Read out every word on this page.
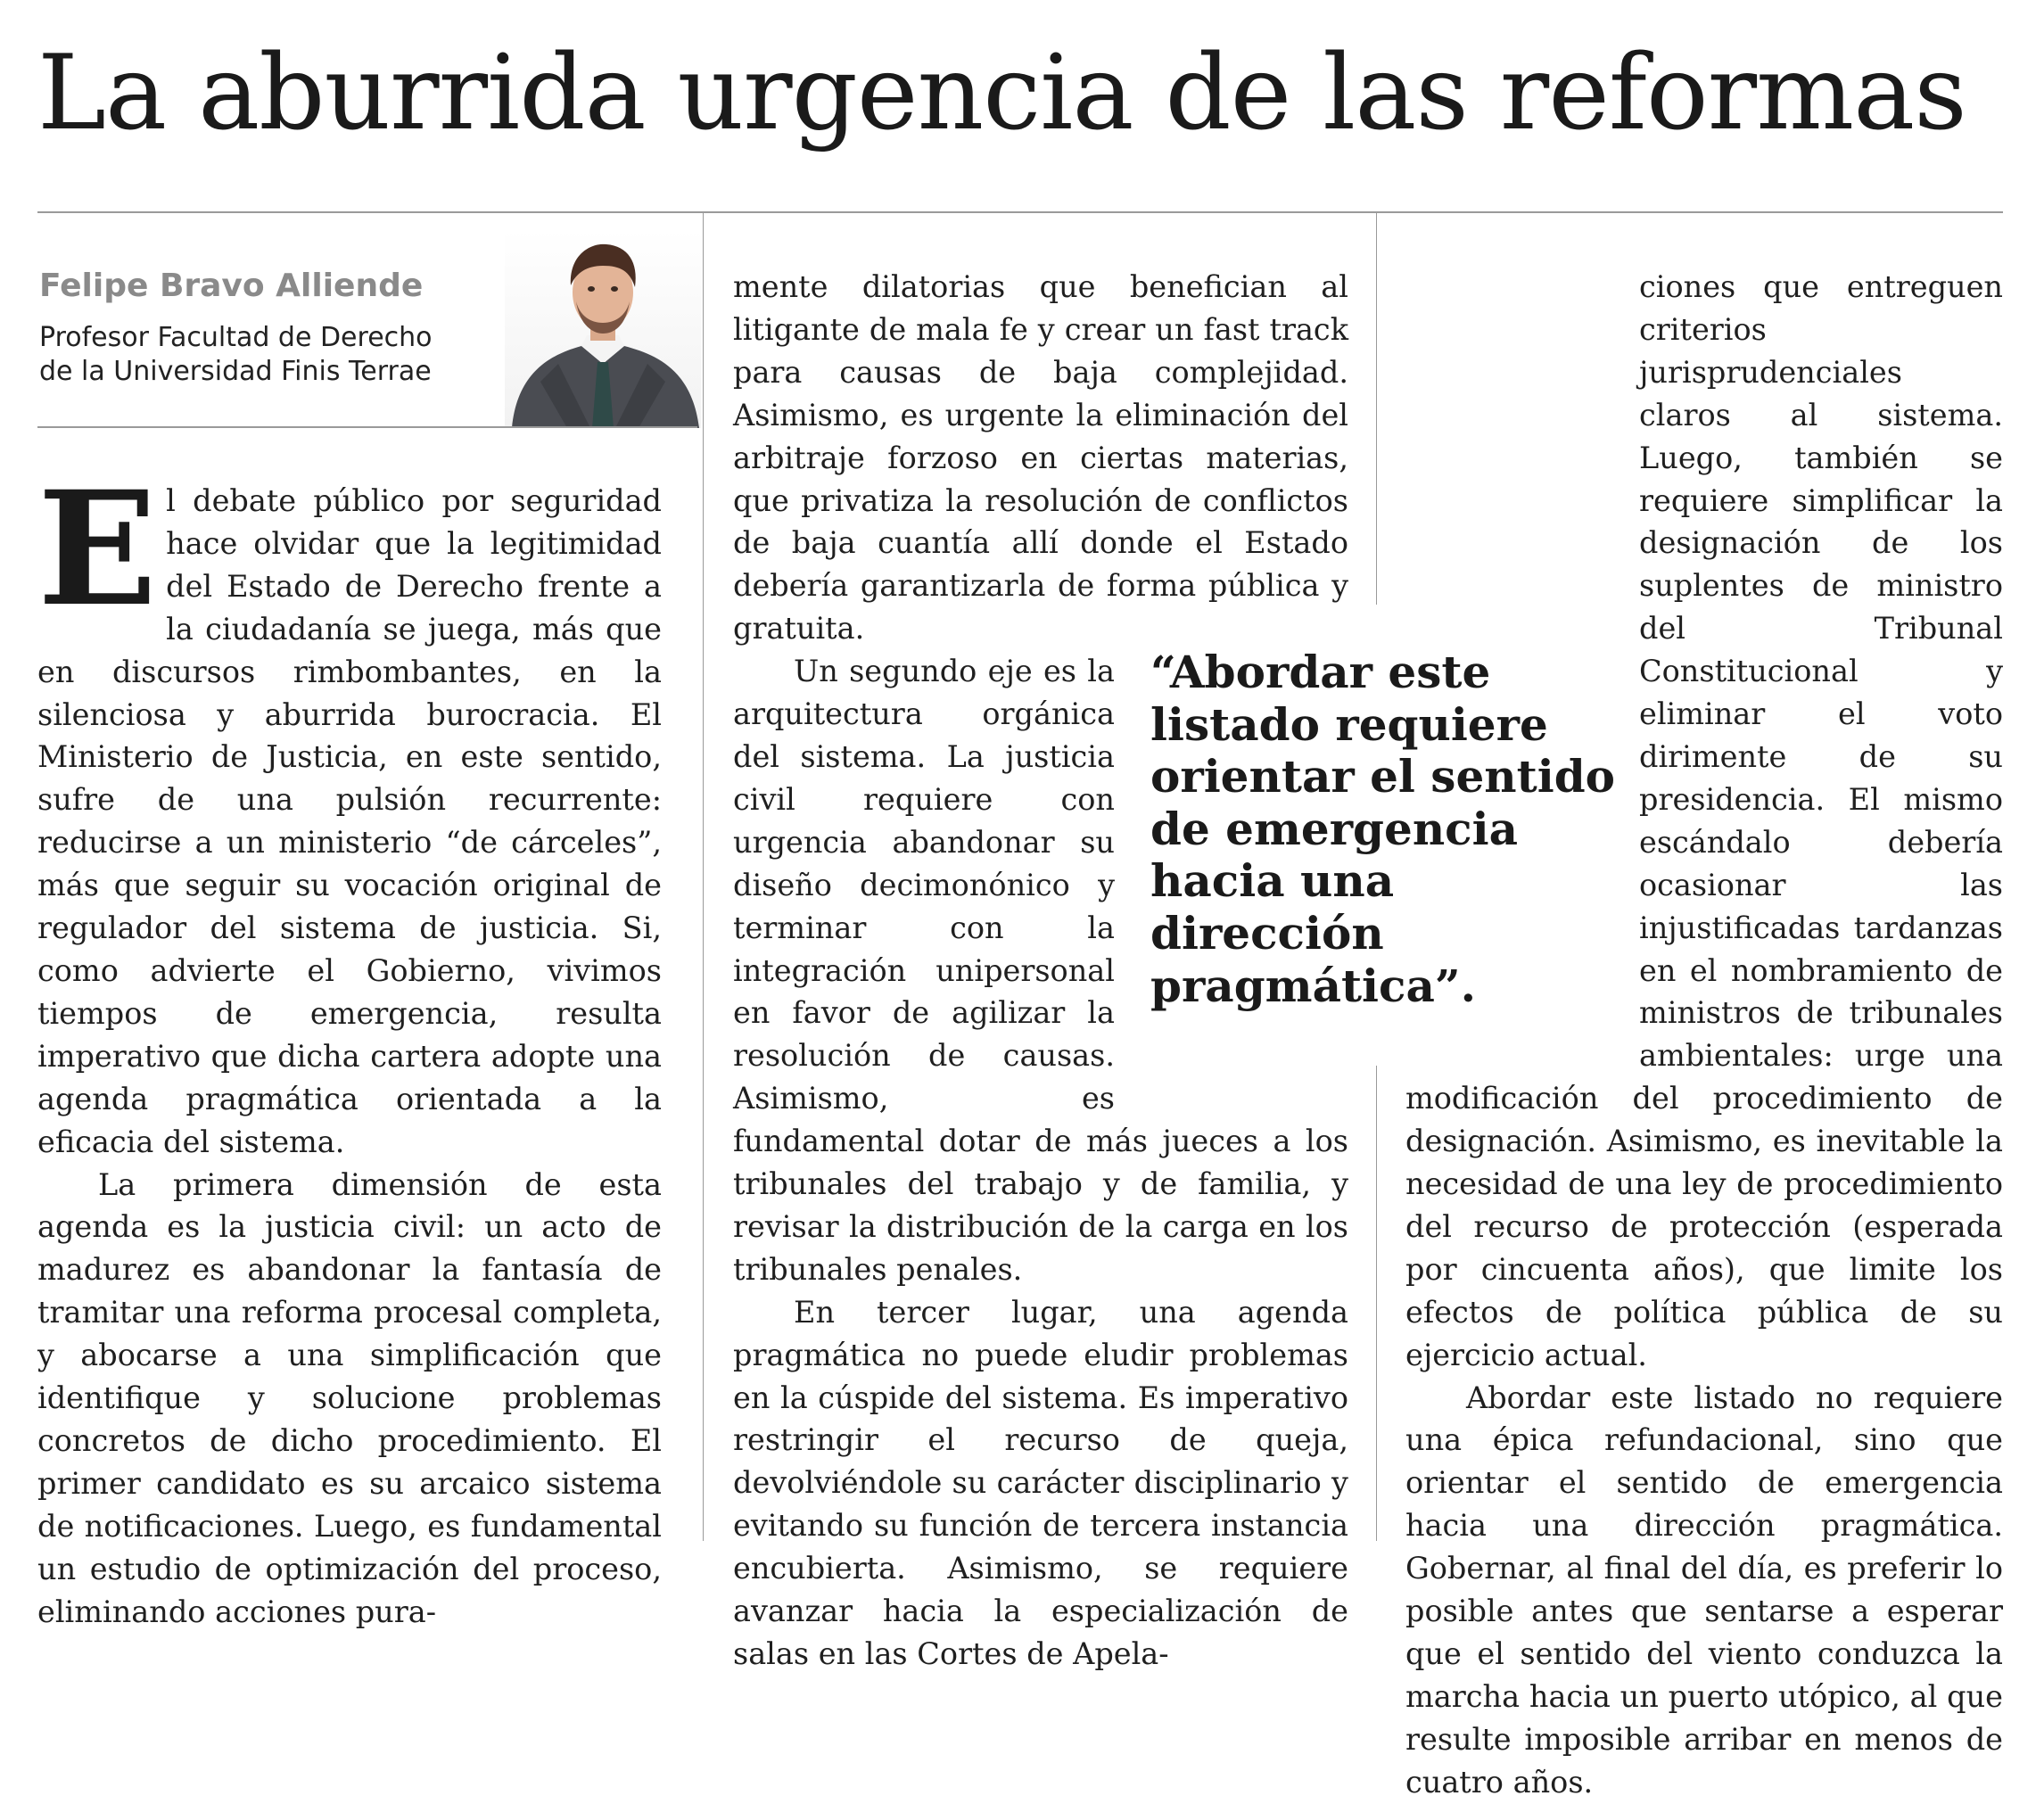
La aburrida urgencia de las reformas

Felipe Bravo Alliende

Profesor Facultad de Derecho
de la Universidad Finis Terrae

El debate público por seguridad hace olvidar que la legitimidad del Estado de Derecho frente a la ciudadanía se juega, más que en discursos rimbombantes, en la silenciosa y aburrida burocracia. El Ministerio de Justicia, en este sentido, sufre de una pulsión recurrente: reducirse a un ministerio “de cárceles”, más que seguir su vocación original de regulador del sistema de justicia. Si, como advierte el Gobierno, vivimos tiempos de emergencia, resulta imperativo que dicha cartera adopte una agenda pragmática orientada a la eficacia del sistema.

La primera dimensión de esta agenda es la justicia civil: un acto de madurez es abandonar la fantasía de tramitar una reforma procesal completa, y abocarse a una simplificación que identifique y solucione problemas concretos de dicho procedimiento. El primer candidato es su arcaico sistema de notificaciones. Luego, es fundamental un estudio de optimización del proceso, eliminando acciones pura-

mente dilatorias que benefician al litigante de mala fe y crear un fast track para causas de baja complejidad. Asimismo, es urgente la eliminación del arbitraje forzoso en ciertas materias, que privatiza la resolución de conflictos de baja cuantía allí donde el Estado debería garantizarla de forma pública y gratuita.

Un segundo eje es la arquitectura orgánica del sistema. La justicia civil requiere con urgencia abandonar su diseño decimonónico y terminar con la integración unipersonal en favor de agilizar la resolución de causas. Asimismo, es fundamental dotar de más jueces a los tribunales del trabajo y de familia, y revisar la distribución de la carga en los tribunales penales.

En tercer lugar, una agenda pragmática no puede eludir problemas en la cúspide del sistema. Es imperativo restringir el recurso de queja, devolviéndole su carácter disciplinario y evitando su función de tercera instancia encubierta. Asimismo, se requiere avanzar hacia la especialización de salas en las Cortes de Apela-

ciones que entreguen criterios jurisprudenciales claros al sistema. Luego, también se requiere simplificar la designación de los suplentes de ministro del Tribunal Constitucional y eliminar el voto dirimente de su presidencia. El mismo escándalo debería ocasionar las injustificadas tardanzas en el nombramiento de ministros de tribunales ambientales: urge una modificación del procedimiento de designación. Asimismo, es inevitable la necesidad de una ley de procedimiento del recurso de protección (esperada por cincuenta años), que limite los efectos de política pública de su ejercicio actual.

Abordar este listado no requiere una épica refundacional, sino que orientar el sentido de emergencia hacia una dirección pragmática. Gobernar, al final del día, es preferir lo posible antes que sentarse a esperar que el sentido del viento conduzca la marcha hacia un puerto utópico, al que resulte imposible arribar en menos de cuatro años.

“Abordar este
listado requiere
orientar el sentido
de emergencia
hacia una
dirección
pragmática”.
